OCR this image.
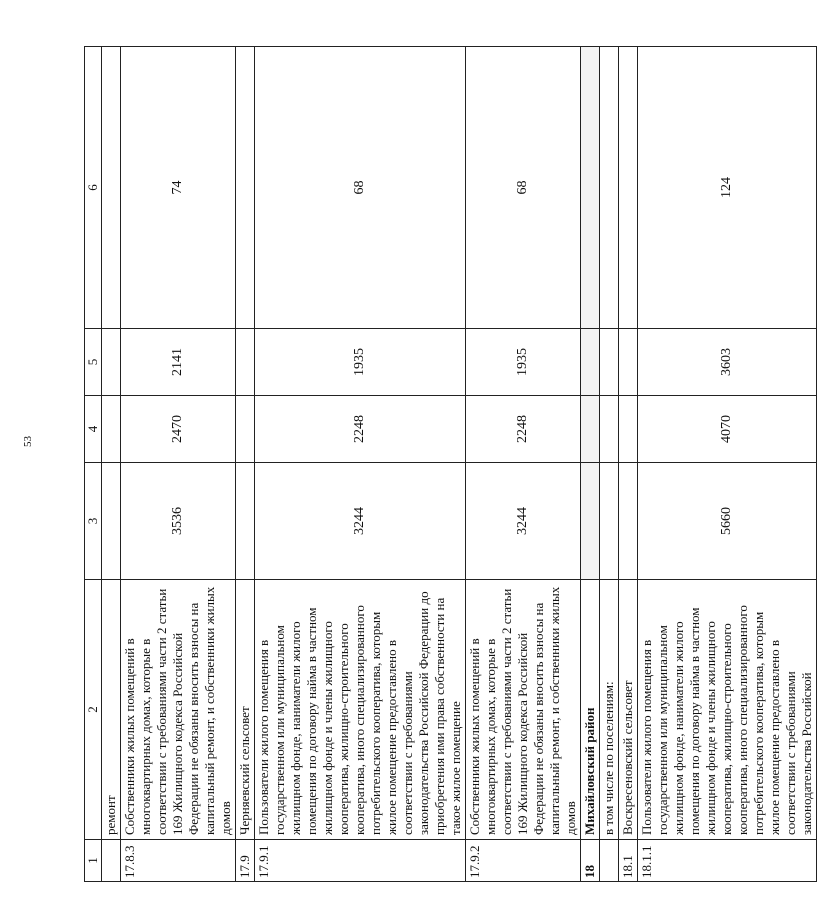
53
1	2	3	4	5	6
	ремонт				
17.8.3	Собственники жилых помещений в многоквартирных домах, которые в соответствии с требованиями части 2 статьи 169 Жилищного кодекса Российской Федерации не обязаны вносить взносы на капитальный ремонт, и собственники жилых домов	3536	2470	2141	74
17.9	Черняевский сельсовет				
17.9.1	Пользователи жилого помещения в государственном или муниципальном жилищном фонде, наниматели жилого помещения по договору найма в частном жилищном фонде и члены жилищного кооператива, жилищно-строительного кооператива, иного специализированного потребительского кооператива, которым жилое помещение предоставлено в соответствии с требованиями законодательства Российской Федерации до приобретения ими права собственности на такое жилое помещение	3244	2248	1935	68
17.9.2	Собственники жилых помещений в многоквартирных домах, которые в соответствии с требованиями части 2 статьи 169 Жилищного кодекса Российской Федерации не обязаны вносить взносы на капитальный ремонт, и собственники жилых домов	3244	2248	1935	68
18	Михайловский район				
	в том числе по поселениям:				
18.1	Воскресеновский сельсовет				
18.1.1	Пользователи жилого помещения в государственном или муниципальном жилищном фонде, наниматели жилого помещения по договору найма в частном жилищном фонде и члены жилищного кооператива, жилищно-строительного кооператива, иного специализированного потребительского кооператива, которым жилое помещение предоставлено в соответствии с требованиями законодательства Российской	5660	4070	3603	124
